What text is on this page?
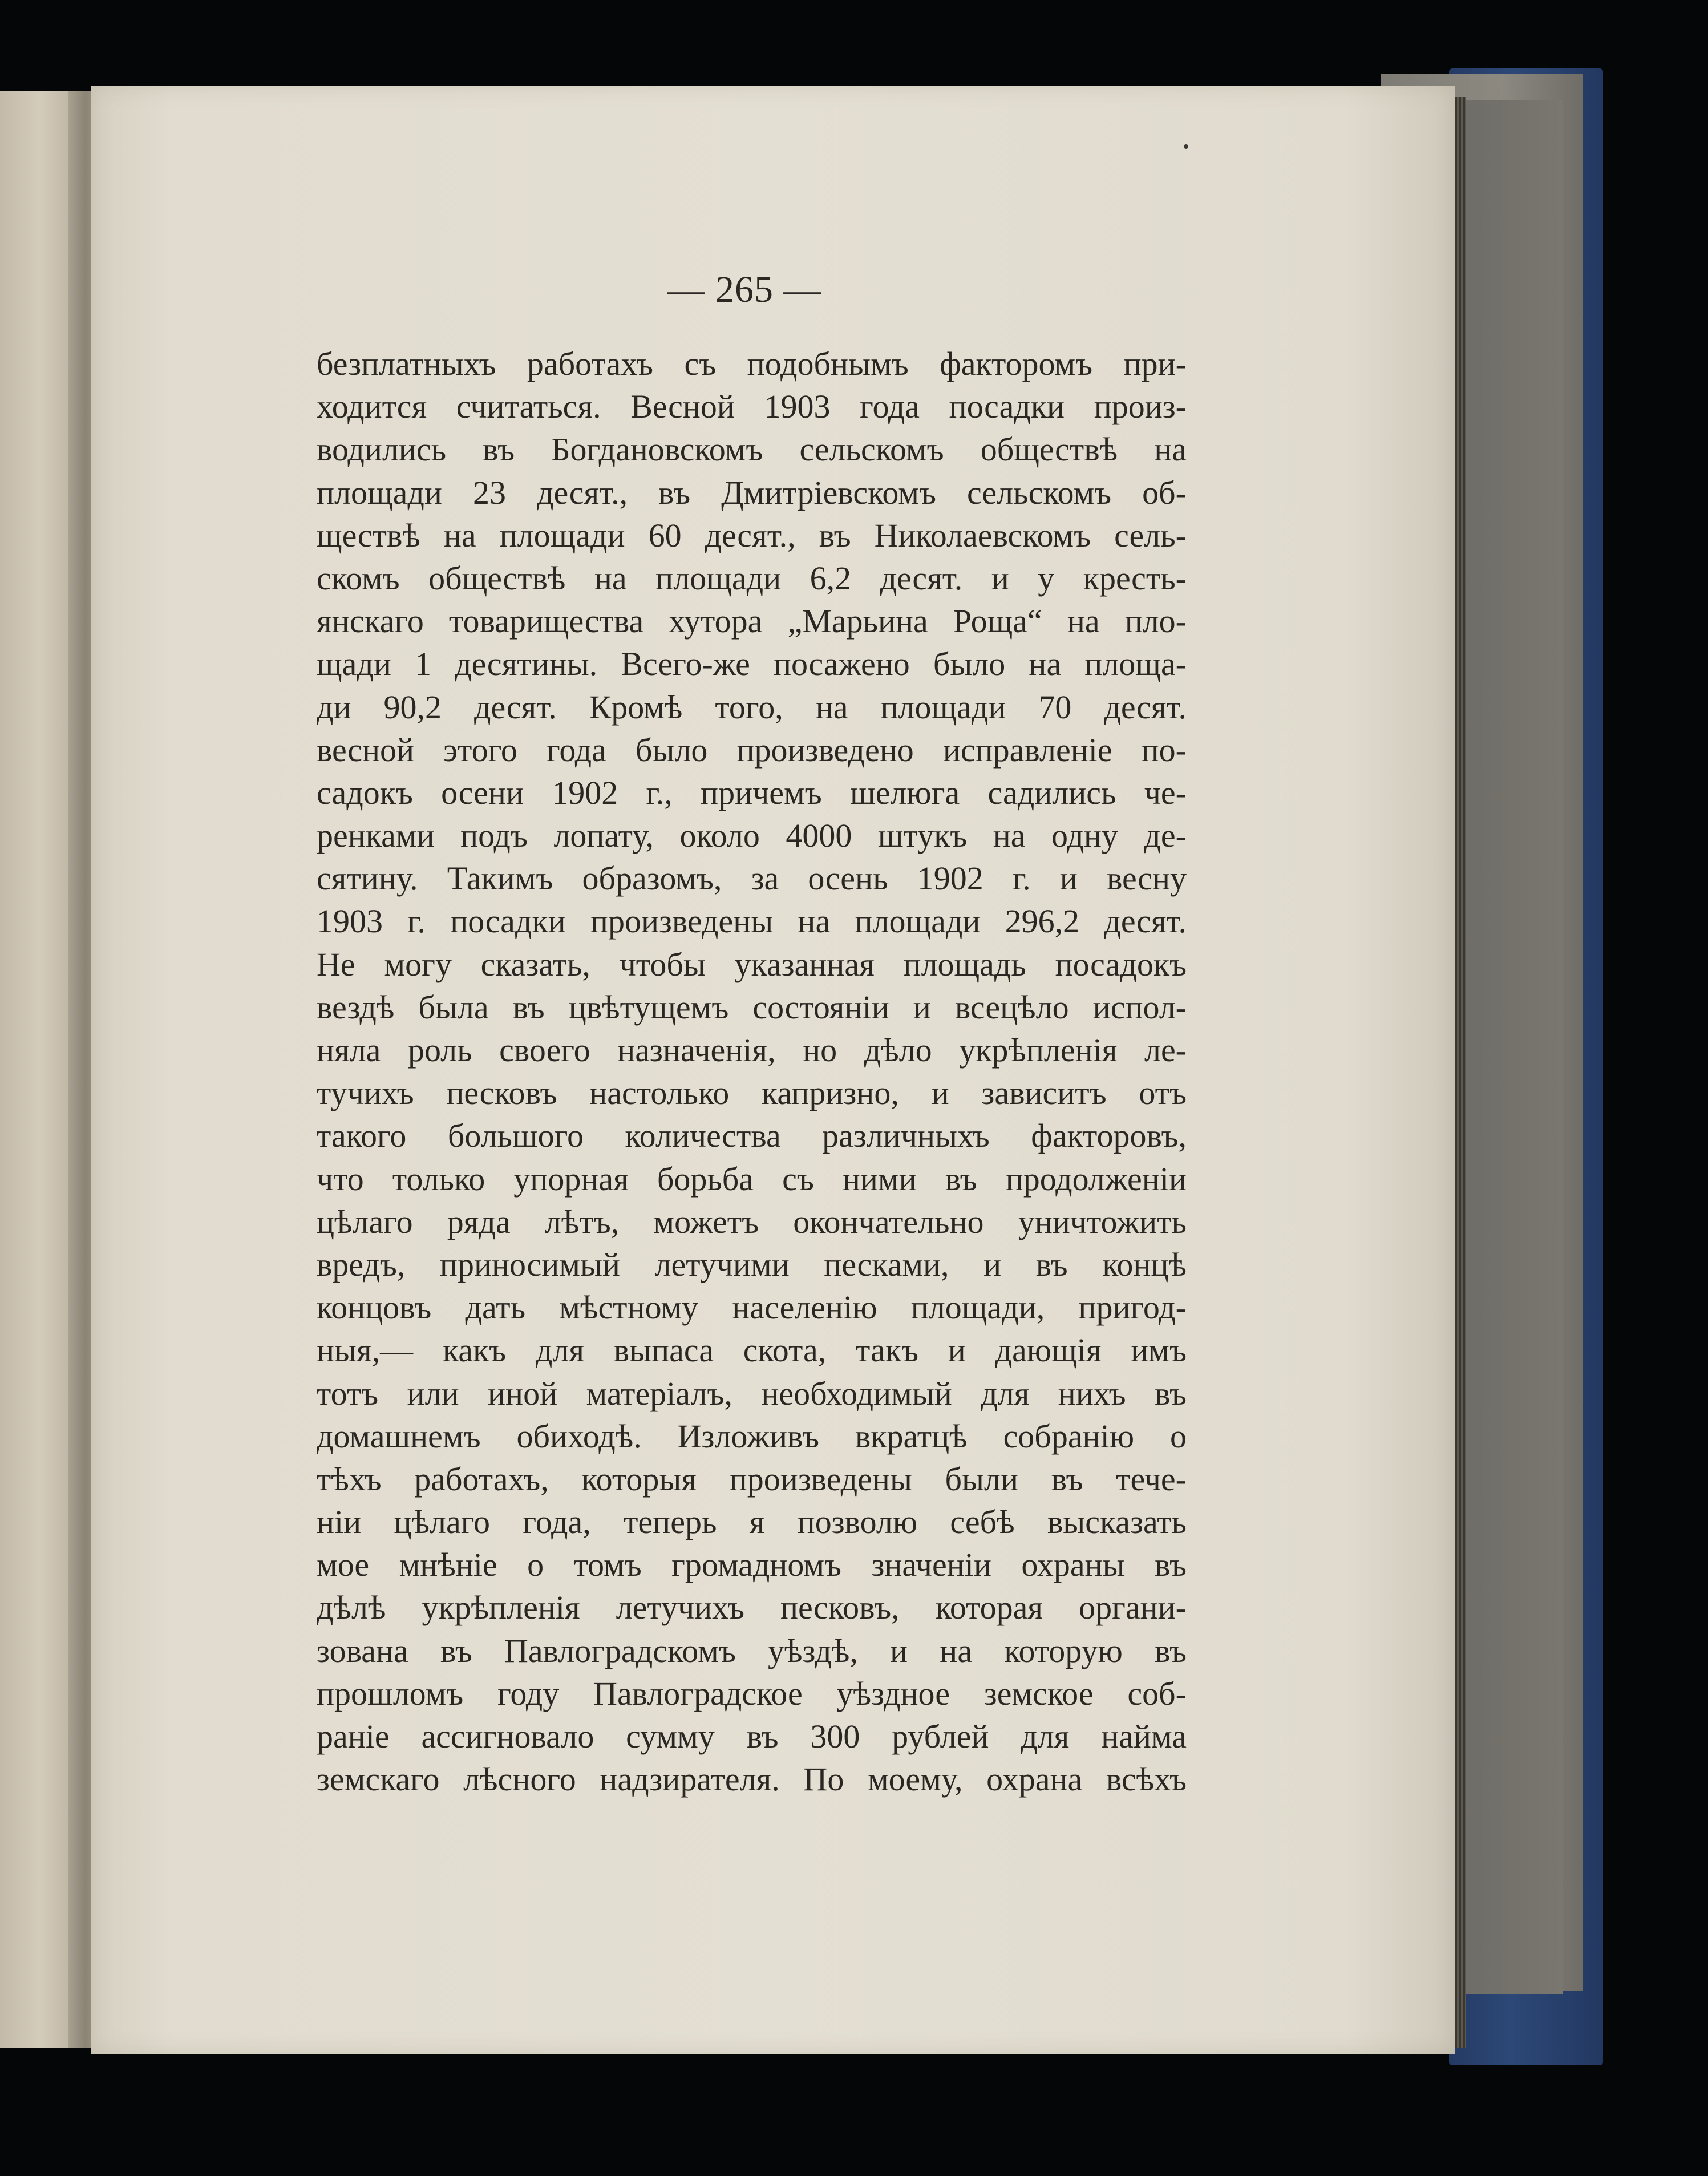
— 265 —
безплатныхъ работахъ съ подобнымъ факторомъ при-
ходится считаться. Весной 1903 года посадки произ-
водились въ Богдановскомъ сельскомъ обществѣ на
площади 23 десят., въ Дмитріевскомъ сельскомъ об-
ществѣ на площади 60 десят., въ Николаевскомъ сель-
скомъ обществѣ на площади 6,2 десят. и у кресть-
янскаго товарищества хутора „Марьина Роща“ на пло-
щади 1 десятины. Всего-же посажено было на площа-
ди 90,2 десят. Кромѣ того, на площади 70 десят.
весной этого года было произведено исправленіе по-
садокъ осени 1902 г., причемъ шелюга садились че-
ренками подъ лопату, около 4000 штукъ на одну де-
сятину. Такимъ образомъ, за осень 1902 г. и весну
1903 г. посадки произведены на площади 296,2 десят.
Не могу сказать, чтобы указанная площадь посадокъ
вездѣ была въ цвѣтущемъ состояніи и всецѣло испол-
няла роль своего назначенія, но дѣло укрѣпленія ле-
тучихъ песковъ настолько капризно, и зависитъ отъ
такого большого количества различныхъ факторовъ,
что только упорная борьба съ ними въ продолженіи
цѣлаго ряда лѣтъ, можетъ окончательно уничтожить
вредъ, приносимый летучими песками, и въ концѣ
концовъ дать мѣстному населенію площади, пригод-
ныя,— какъ для выпаса скота, такъ и дающія имъ
тотъ или иной матеріалъ, необходимый для нихъ въ
домашнемъ обиходѣ. Изложивъ вкратцѣ собранію о
тѣхъ работахъ, которыя произведены были въ тече-
ніи цѣлаго года, теперь я позволю себѣ высказать
мое мнѣніе о томъ громадномъ значеніи охраны въ
дѣлѣ укрѣпленія летучихъ песковъ, которая органи-
зована въ Павлоградскомъ уѣздѣ, и на которую въ
прошломъ году Павлоградское уѣздное земское соб-
раніе ассигновало сумму въ 300 рублей для найма
земскаго лѣсного надзирателя. По моему, охрана всѣхъ
